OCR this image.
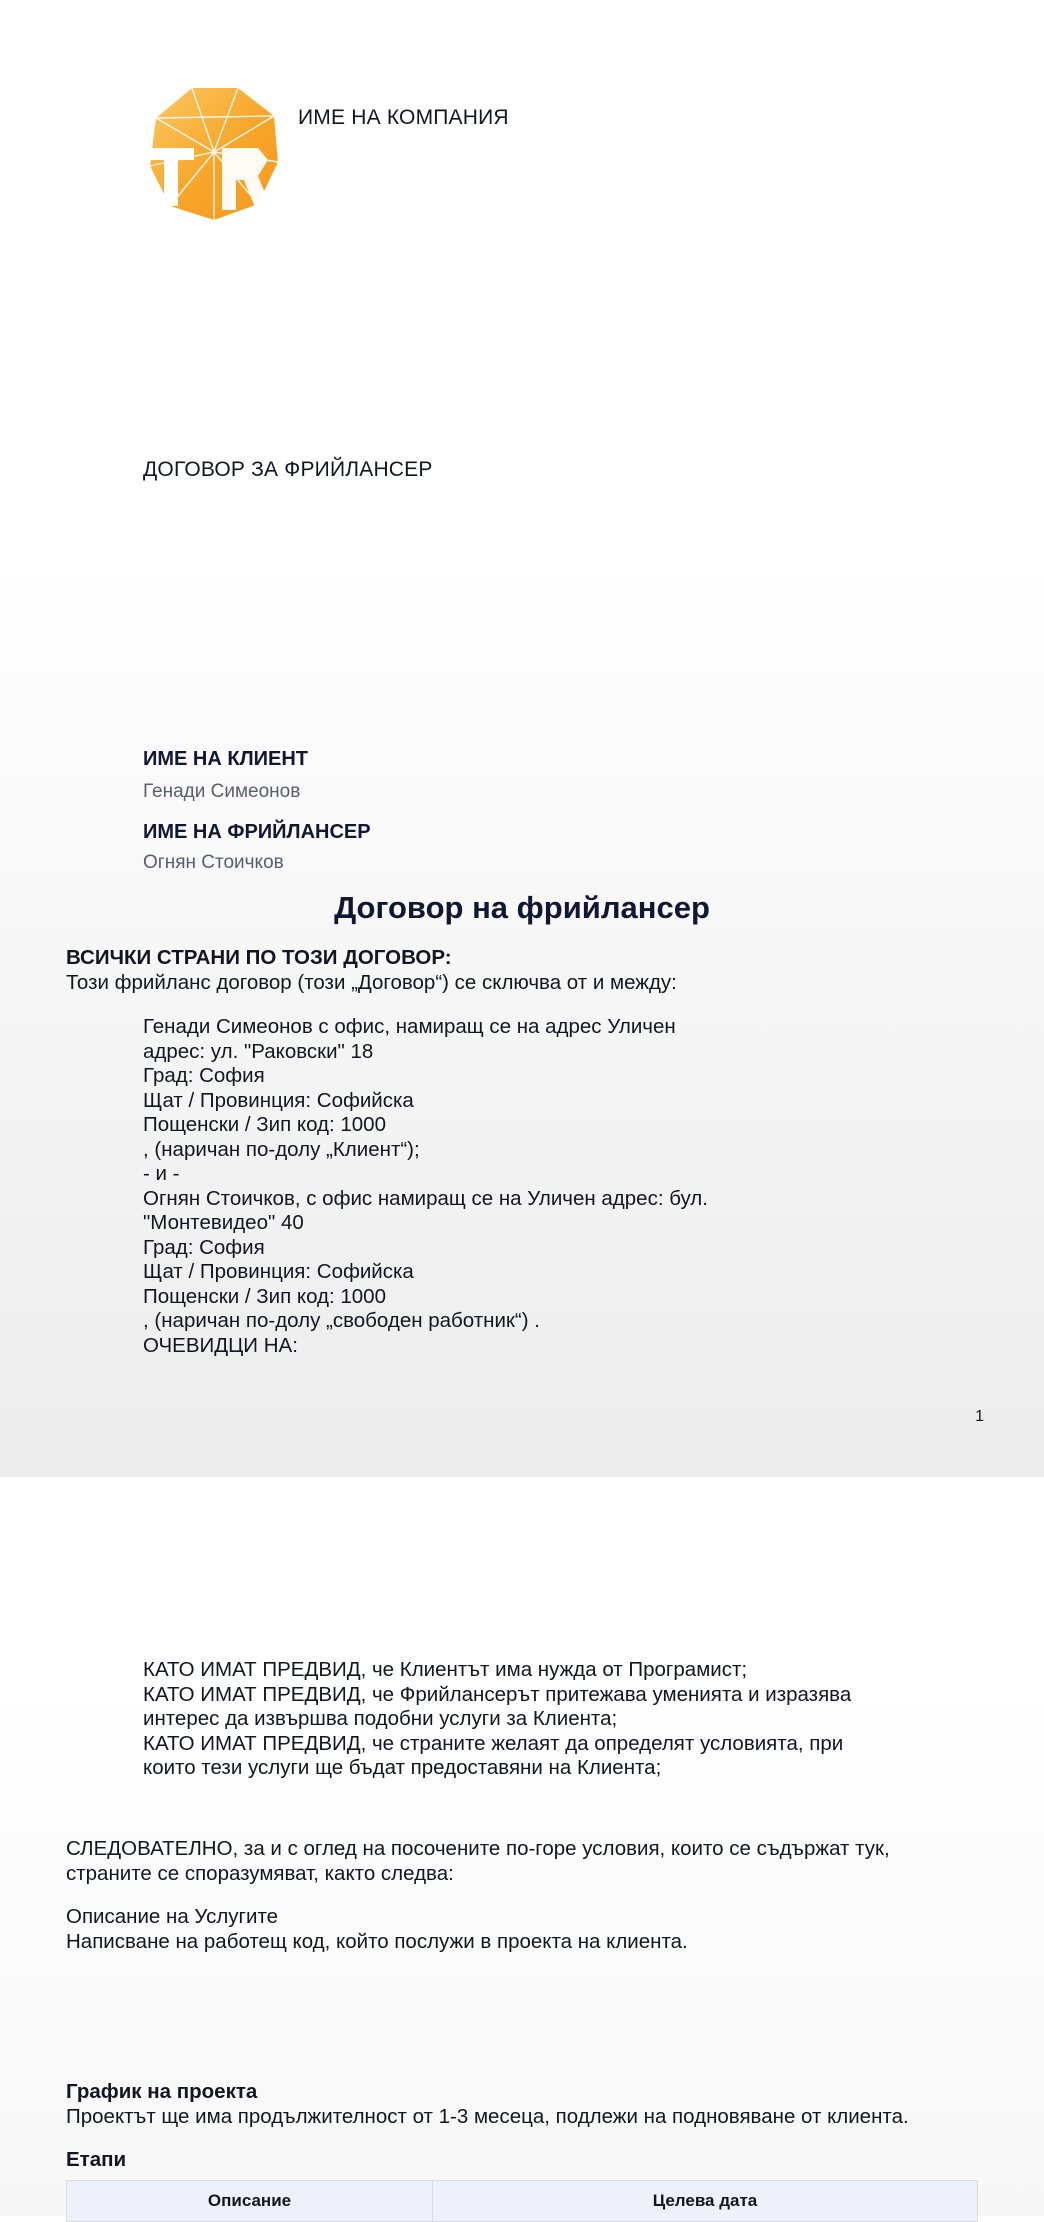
ИМЕ НА КОМПАНИЯ
ДОГОВОР ЗА ФРИЙЛАНСЕР
ИМЕ НА КЛИЕНТ
Генади Симеонов
ИМЕ НА ФРИЙЛАНСЕР
Огнян Стоичков
Договор на фрийлансер
ВСИЧКИ СТРАНИ ПО ТОЗИ ДОГОВОР:
Този фрийланс договор (този „Договор“) се сключва от и между:
Генади Симеонов с офис, намиращ се на адрес Уличен
адрес: ул. "Раковски" 18
Град: София
Щат / Провинция: Софийска
Пощенски / Зип код: 1000
, (наричан по-долу „Клиент“);
- и -
Огнян Стоичков, с офис намиращ се на Уличен адрес: бул.
"Монтевидео" 40
Град: София
Щат / Провинция: Софийска
Пощенски / Зип код: 1000
, (наричан по-долу „свободен работник“) .
ОЧЕВИДЦИ НА:
1
КАТО ИМАТ ПРЕДВИД, че Клиентът има нужда от Програмист;
КАТО ИМАТ ПРЕДВИД, че Фрийлансерът притежава уменията и изразява
интерес да извършва подобни услуги за Клиента;
КАТО ИМАТ ПРЕДВИД, че страните желаят да определят условията, при
които тези услуги ще бъдат предоставяни на Клиента;
СЛЕДОВАТЕЛНО, за и с оглед на посочените по-горе условия, които се съдържат тук,
страните се споразумяват, както следва:
Описание на Услугите
Написване на работещ код, който послужи в проекта на клиента.
График на проекта
Проектът ще има продължителност от 1-3 месеца, подлежи на подновяване от клиента.
Етапи
Описание	Целева дата
